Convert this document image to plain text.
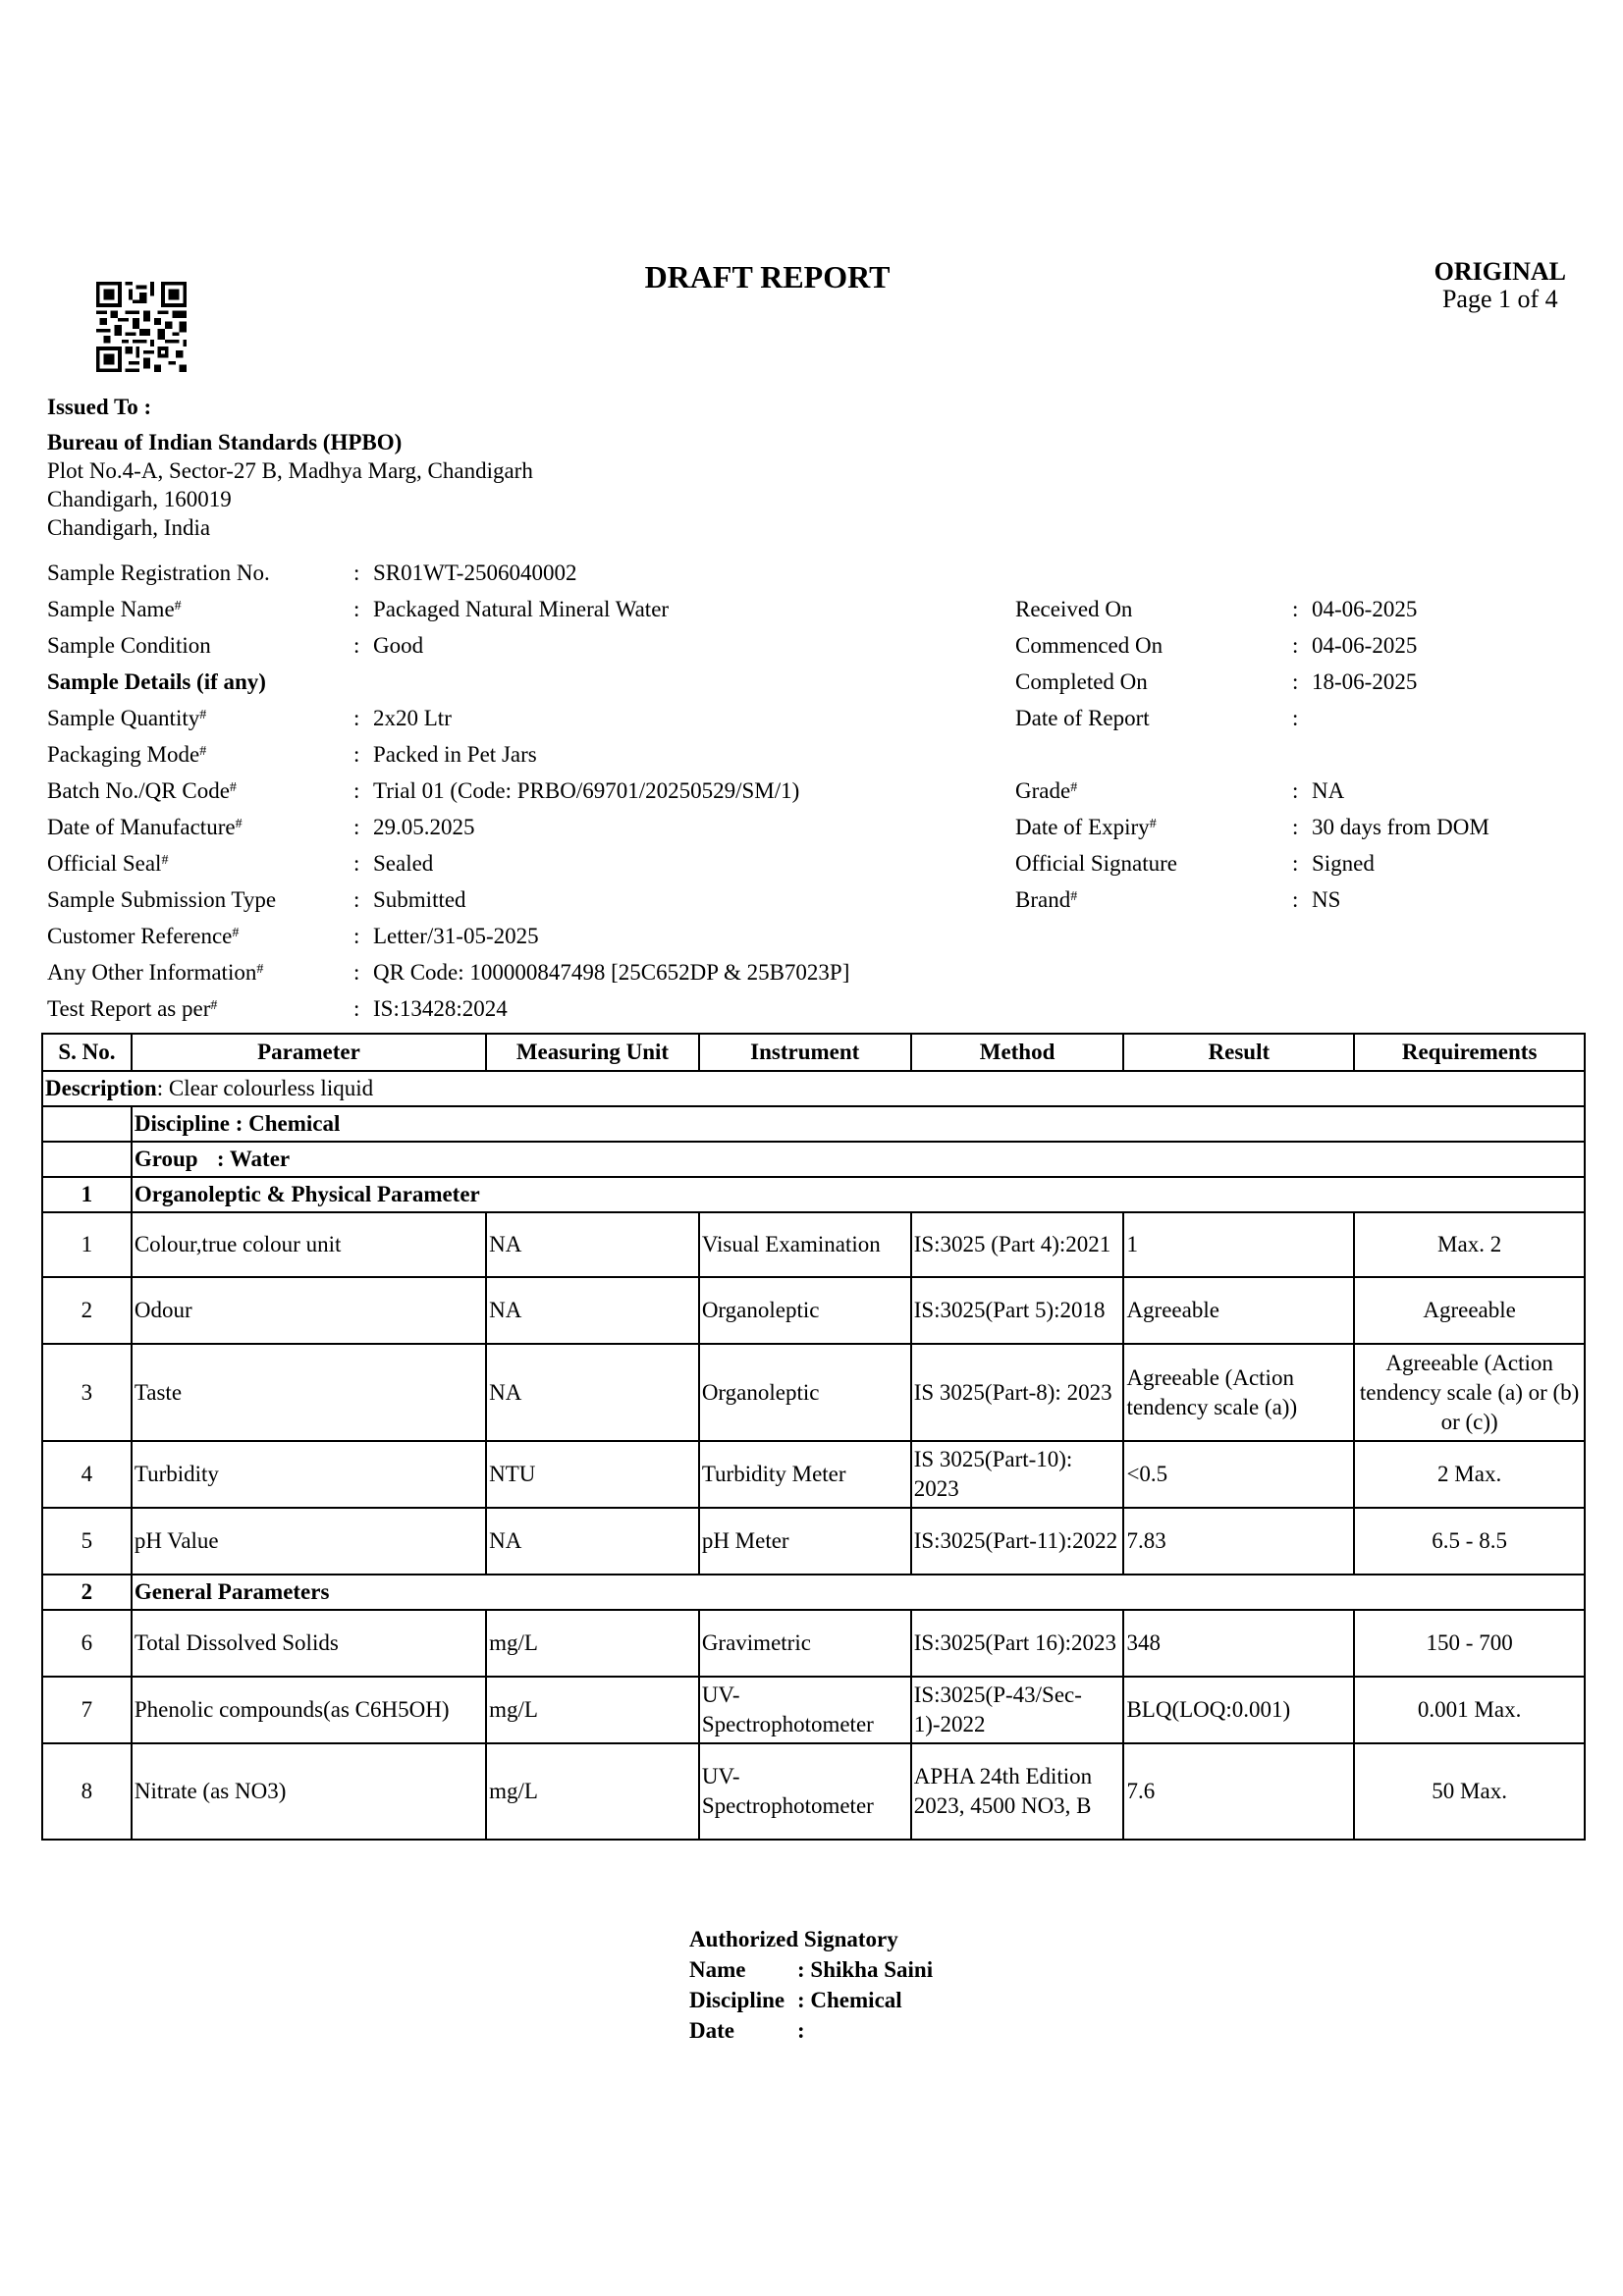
DRAFT REPORT	ORIGINAL
Page 1 of 4
Issued To :
Bureau of Indian Standards (HPBO)
Plot No.4-A, Sector-27 B, Madhya Marg, Chandigarh
Chandigarh, 160019
Chandigarh, India
Sample Registration No.	: SR01WT-2506040002
Sample Name#	: Packaged Natural Mineral Water
Sample Condition	: Good
Sample Details (if any)
Sample Quantity#	: 2x20 Ltr
Packaging Mode#	: Packed in Pet Jars
Batch No./QR Code#	: Trial 01 (Code: PRBO/69701/20250529/SM/1)
Date of Manufacture#	: 29.05.2025
Official Seal#	: Sealed
Sample Submission Type	: Submitted
Customer Reference#	: Letter/31-05-2025
Any Other Information#	: QR Code: 100000847498 [25C652DP & 25B7023P]
Test Report as per#	: IS:13428:2024
Received On	: 04-06-2025
Commenced On	: 04-06-2025
Completed On	: 18-06-2025
Date of Report	:
Grade#	: NA
Date of Expiry#	: 30 days from DOM
Official Signature	: Signed
Brand#	: NS
S. No.	Parameter	Measuring Unit	Instrument	Method	Result	Requirements
Description: Clear colourless liquid						
	Discipline : Chemical					
	Group : Water					
1	Organoleptic & Physical Parameter					
1	Colour,true colour unit	NA	Visual Examination	IS:3025 (Part 4):2021	1	Max. 2
2	Odour	NA	Organoleptic	IS:3025(Part 5):2018	Agreeable	Agreeable
3	Taste	NA	Organoleptic	IS 3025(Part-8): 2023	Agreeable (Action tendency scale (a))	Agreeable (Action tendency scale (a) or (b) or (c))
4	Turbidity	NTU	Turbidity Meter	IS 3025(Part-10): 2023	<0.5	2 Max.
5	pH Value	NA	pH Meter	IS:3025(Part-11):2022	7.83	6.5 - 8.5
2	General Parameters					
6	Total Dissolved Solids	mg/L	Gravimetric	IS:3025(Part 16):2023	348	150 - 700
7	Phenolic compounds(as C6H5OH)	mg/L	UV-Spectrophotometer	IS:3025(P-43/Sec-1)-2022	BLQ(LOQ:0.001)	0.001 Max.
8	Nitrate (as NO3)	mg/L	UV-Spectrophotometer	APHA 24th Edition 2023, 4500 NO3, B	7.6	50 Max.
Authorized Signatory
Name : Shikha Saini
Discipline : Chemical
Date	:
